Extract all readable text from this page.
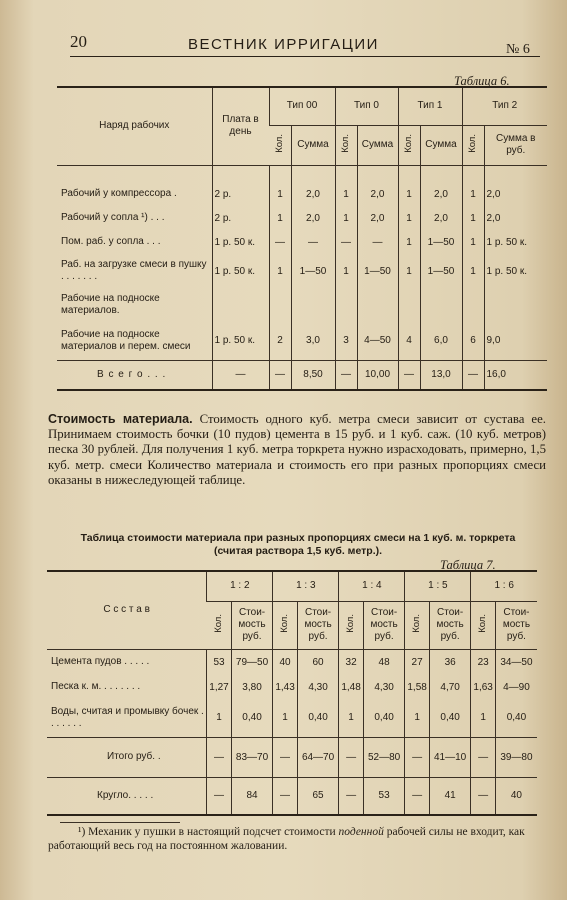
20	ВЕСТНИК ИРРИГАЦИИ	№ 6
Таблица 6.
Наряд рабочих	Плата в день	Тип 00		Тип 0		Тип 1		Тип 2	
		Кол.	Сумма	Кол.	Сумма	Кол.	Сумма	Кол.	Сумма в руб.

Рабочий у компрессора .	2 р.	1	2,0	1	2,0	1	2,0	1	2,0
Рабочий у сопла ¹) . . .	2 р.	1	2,0	1	2,0	1	2,0	1	2,0
Пом. раб. у сопла . . .	1 р. 50 к.	—	—	—	—	1	1—50	1	1 р. 50 к.
Раб. на загрузке смеси в пушку . . . . . . .	1 р. 50 к.	1	1—50	1	1—50	1	1—50	1	1 р. 50 к.
Рабочие на подноске материалов.									
Рабочие на подноске материалов и перем. смеси	1 р. 50 к.	2	3,0	3	4—50	4	6,0	6	9,0
В с е г о . . .	—	—	8,50	—	10,00	—	13,0	—	16,0
Стоимость материала. Стоимость одного куб. метра смеси зависит от сустава ее. Принимаем стоимость бочки (10 пудов) цемента в 15 руб. и 1 куб. саж. (10 куб. метров) песка 30 рублей. Для получения 1 куб. метра торкрета нужно израсходовать, примерно, 1,5 куб. метр. смеси Количество материала и стоимость его при разных пропорциях смеси оказаны в нижеследующей таблице.
Таблица стоимости материала при разных пропорциях смеси на 1 куб. м. торкрета
(считая раствора 1,5 куб. метр.).
Таблица 7.
С с с т а в	1 : 2		1 : 3		1 : 4		1 : 5		1 : 6	
	Кол.	Стои- мость руб.	Кол.	Стои- мость руб.	Кол.	Стои- мость руб.	Кол.	Стои- мость руб.	Кол.	Стои- мость руб.
Цемента пудов . . . . .	53	79—50	40	60	32	48	27	36	23	34—50
Песка к. м. . . . . . . .	1,27	3,80	1,43	4,30	1,48	4,30	1,58	4,70	1,63	4—90
Воды, считая и промывку бочек . . . . . . .	1	0,40	1	0,40	1	0,40	1	0,40	1	0,40
Итого руб. .	—	83—70	—	64—70	—	52—80	—	41—10	—	39—80
Кругло. . . . .	—	84	—	65	—	53	—	41	—	40
¹) Механик у пушки в настоящий подсчет стоимости поденной рабочей силы не входит, как работающий весь год на постоянном жаловании.
